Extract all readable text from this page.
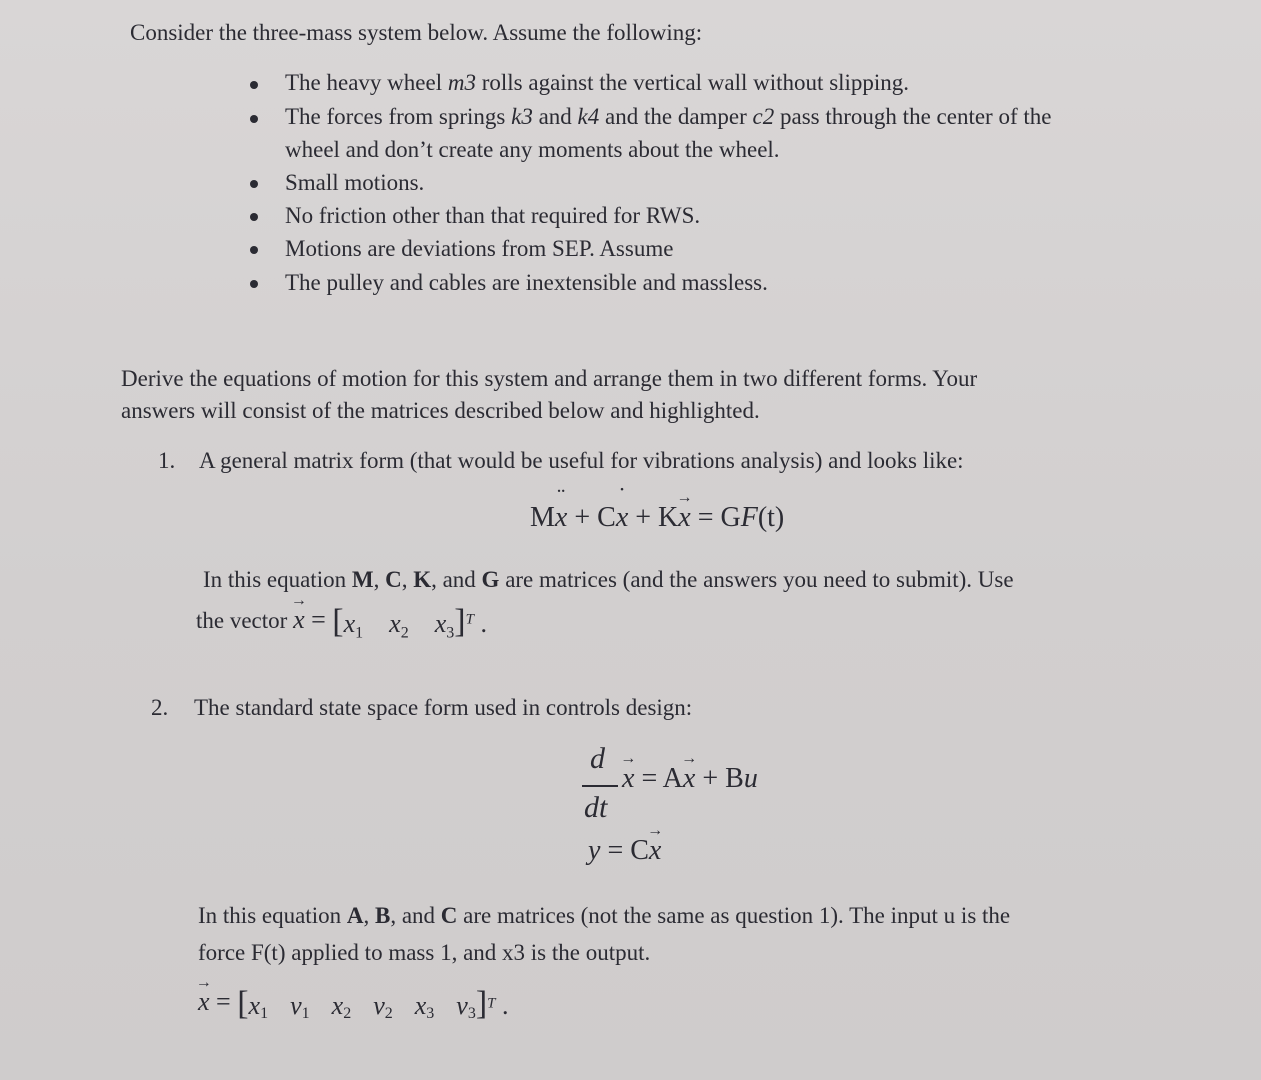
Consider the three-mass system below. Assume the following:
The heavy wheel m3 rolls against the vertical wall without slipping.
The forces from springs k3 and k4 and the damper c2 pass through the center of the
wheel and don’t create any moments about the wheel.
Small motions.
No friction other than that required for RWS.
Motions are deviations from SEP. Assume
The pulley and cables are inextensible and massless.
Derive the equations of motion for this system and arrange them in two different forms. Your
answers will consist of the matrices described below and highlighted.
1. A general matrix form (that would be useful for vibrations analysis) and looks like:
M¨ x + C˙ x + K→ x = GF(t)
In this equation M, C, K, and G are matrices (and the answers you need to submit). Use
the vector → $x = [x_1$ $x_2$ $x_3]^T$ .
2. The standard state space form used in controls design:
d
dt
→ x = A→ x + Bu
y = C→ x
In this equation A, B, and C are matrices (not the same as question 1). The input u is the
force F(t) applied to mass 1, and x3 is the output.
→ $x = [x_1$ $v_1$ $x_2$ $v_2$ $x_3$ $v_3]^T$ .
